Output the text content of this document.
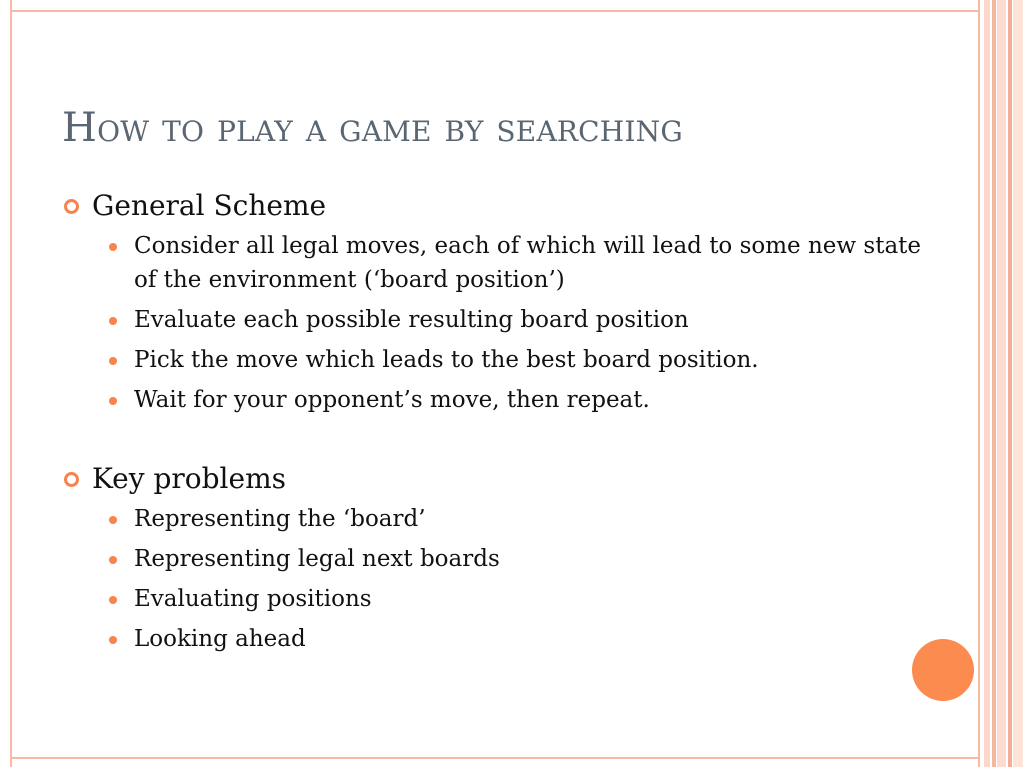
How to play a game by searching

General Scheme

Consider all legal moves, each of which will lead to some new state of the environment (‘board position’)
Evaluate each possible resulting board position
Pick the move which leads to the best board position.
Wait for your opponent’s move, then repeat.

Key problems

Representing the ‘board’
Representing legal next boards
Evaluating positions
Looking ahead
